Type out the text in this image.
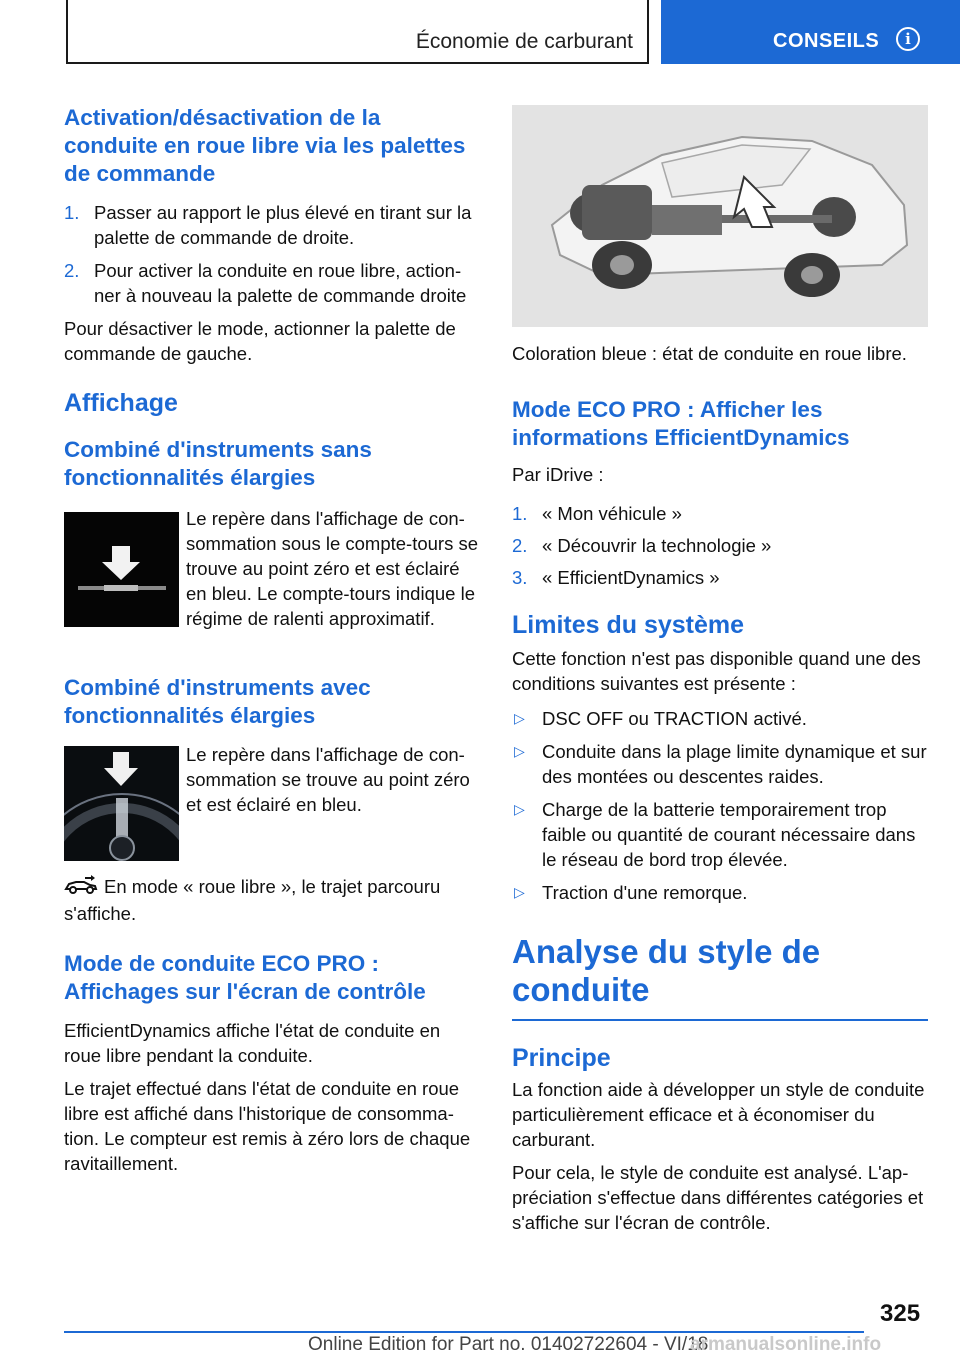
Économie de carburant	CONSEILS	i
Activation/désactivation de la conduite en roue libre via les palettes de commande
1. Passer au rapport le plus élevé en tirant sur la palette de commande de droite.
2. Pour activer la conduite en roue libre, actionner à nouveau la palette de commande droite

Pour désactiver le mode, actionner la palette de commande de gauche.

Affichage
Combiné d'instruments sans fonctionnalités élargies

Le repère dans l'affichage de consommation sous le compte-tours se trouve au point zéro et est éclairé en bleu. Le compte-tours indique le régime de ralenti approximatif.

Combiné d'instruments avec fonctionnalités élargies

Le repère dans l'affichage de consommation se trouve au point zéro et est éclairé en bleu.

En mode « roue libre », le trajet parcouru s'affiche.

Mode de conduite ECO PRO : Affichages sur l'écran de contrôle

EfficientDynamics affiche l'état de conduite en roue libre pendant la conduite.

Le trajet effectué dans l'état de conduite en roue libre est affiché dans l'historique de consommation. Le compteur est remis à zéro lors de chaque ravitaillement.

Coloration bleue : état de conduite en roue libre.

Mode ECO PRO : Afficher les informations EfficientDynamics

Par iDrive :

1. « Mon véhicule »
2. « Découvrir la technologie »
3. « EfficientDynamics »
Limites du système

Cette fonction n'est pas disponible quand une des conditions suivantes est présente :

▷ DSC OFF ou TRACTION activé.
▷ Conduite dans la plage limite dynamique et sur des montées ou descentes raides.
▷ Charge de la batterie temporairement trop faible ou quantité de courant nécessaire dans le réseau de bord trop élevée.
▷ Traction d'une remorque.
Analyse du style de conduite
Principe

La fonction aide à développer un style de conduite particulièrement efficace et à économiser du carburant.

Pour cela, le style de conduite est analysé. L'appréciation s'effectue dans différentes catégories et s'affiche sur l'écran de contrôle.

325
Online Edition for Part no. 01402722604 - VI/18
armanualsonline.info
